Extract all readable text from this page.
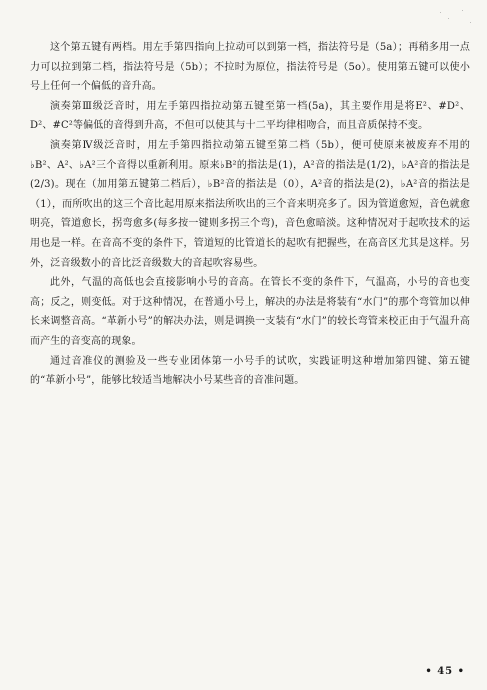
这个第五键有两档。用左手第四指向上拉动可以到第一档，指法符号是（5a）；再稍多用一点力可以拉到第二档，指法符号是（5b）；不拉时为原位，指法符号是（5o）。使用第五键可以使小号上任何一个偏低的音升高。

演奏第Ⅲ级泛音时，用左手第四指拉动第五键至第一档(5a)，其主要作用是将E²、#D²、D²、#C²等偏低的音得到升高，不但可以使其与十二平均律相吻合，而且音质保持不变。

演奏第Ⅳ级泛音时，用左手第四指拉动第五键至第二档（5b），便可使原来被废弃不用的♭B²、A²、♭A²三个音得以重新利用。原来♭B²的指法是(1)，A²音的指法是(1/2)，♭A²音的指法是(2/3)。现在（加用第五键第二档后），♭B²音的指法是（0），A²音的指法是(2)，♭A²音的指法是（1），而所吹出的这三个音比起用原来指法所吹出的三个音来明亮多了。因为管道愈短，音色就愈明亮，管道愈长，拐弯愈多(每多按一键则多拐三个弯)，音色愈暗淡。这种情况对于起吹技术的运用也是一样。在音高不变的条件下，管道短的比管道长的起吹有把握些，在高音区尤其是这样。另外，泛音级数小的音比泛音级数大的音起吹容易些。

此外，气温的高低也会直接影响小号的音高。在管长不变的条件下，气温高，小号的音也变高；反之，则变低。对于这种情况，在普通小号上，解决的办法是将装有“水门”的那个弯管加以伸长来调整音高。“革新小号”的解决办法，则是调换一支装有“水门”的较长弯管来校正由于气温升高而产生的音变高的现象。

通过音准仪的测验及一些专业团体第一小号手的试吹，实践证明这种增加第四键、第五键的“革新小号”，能够比较适当地解决小号某些音的音准问题。

• 45 •
